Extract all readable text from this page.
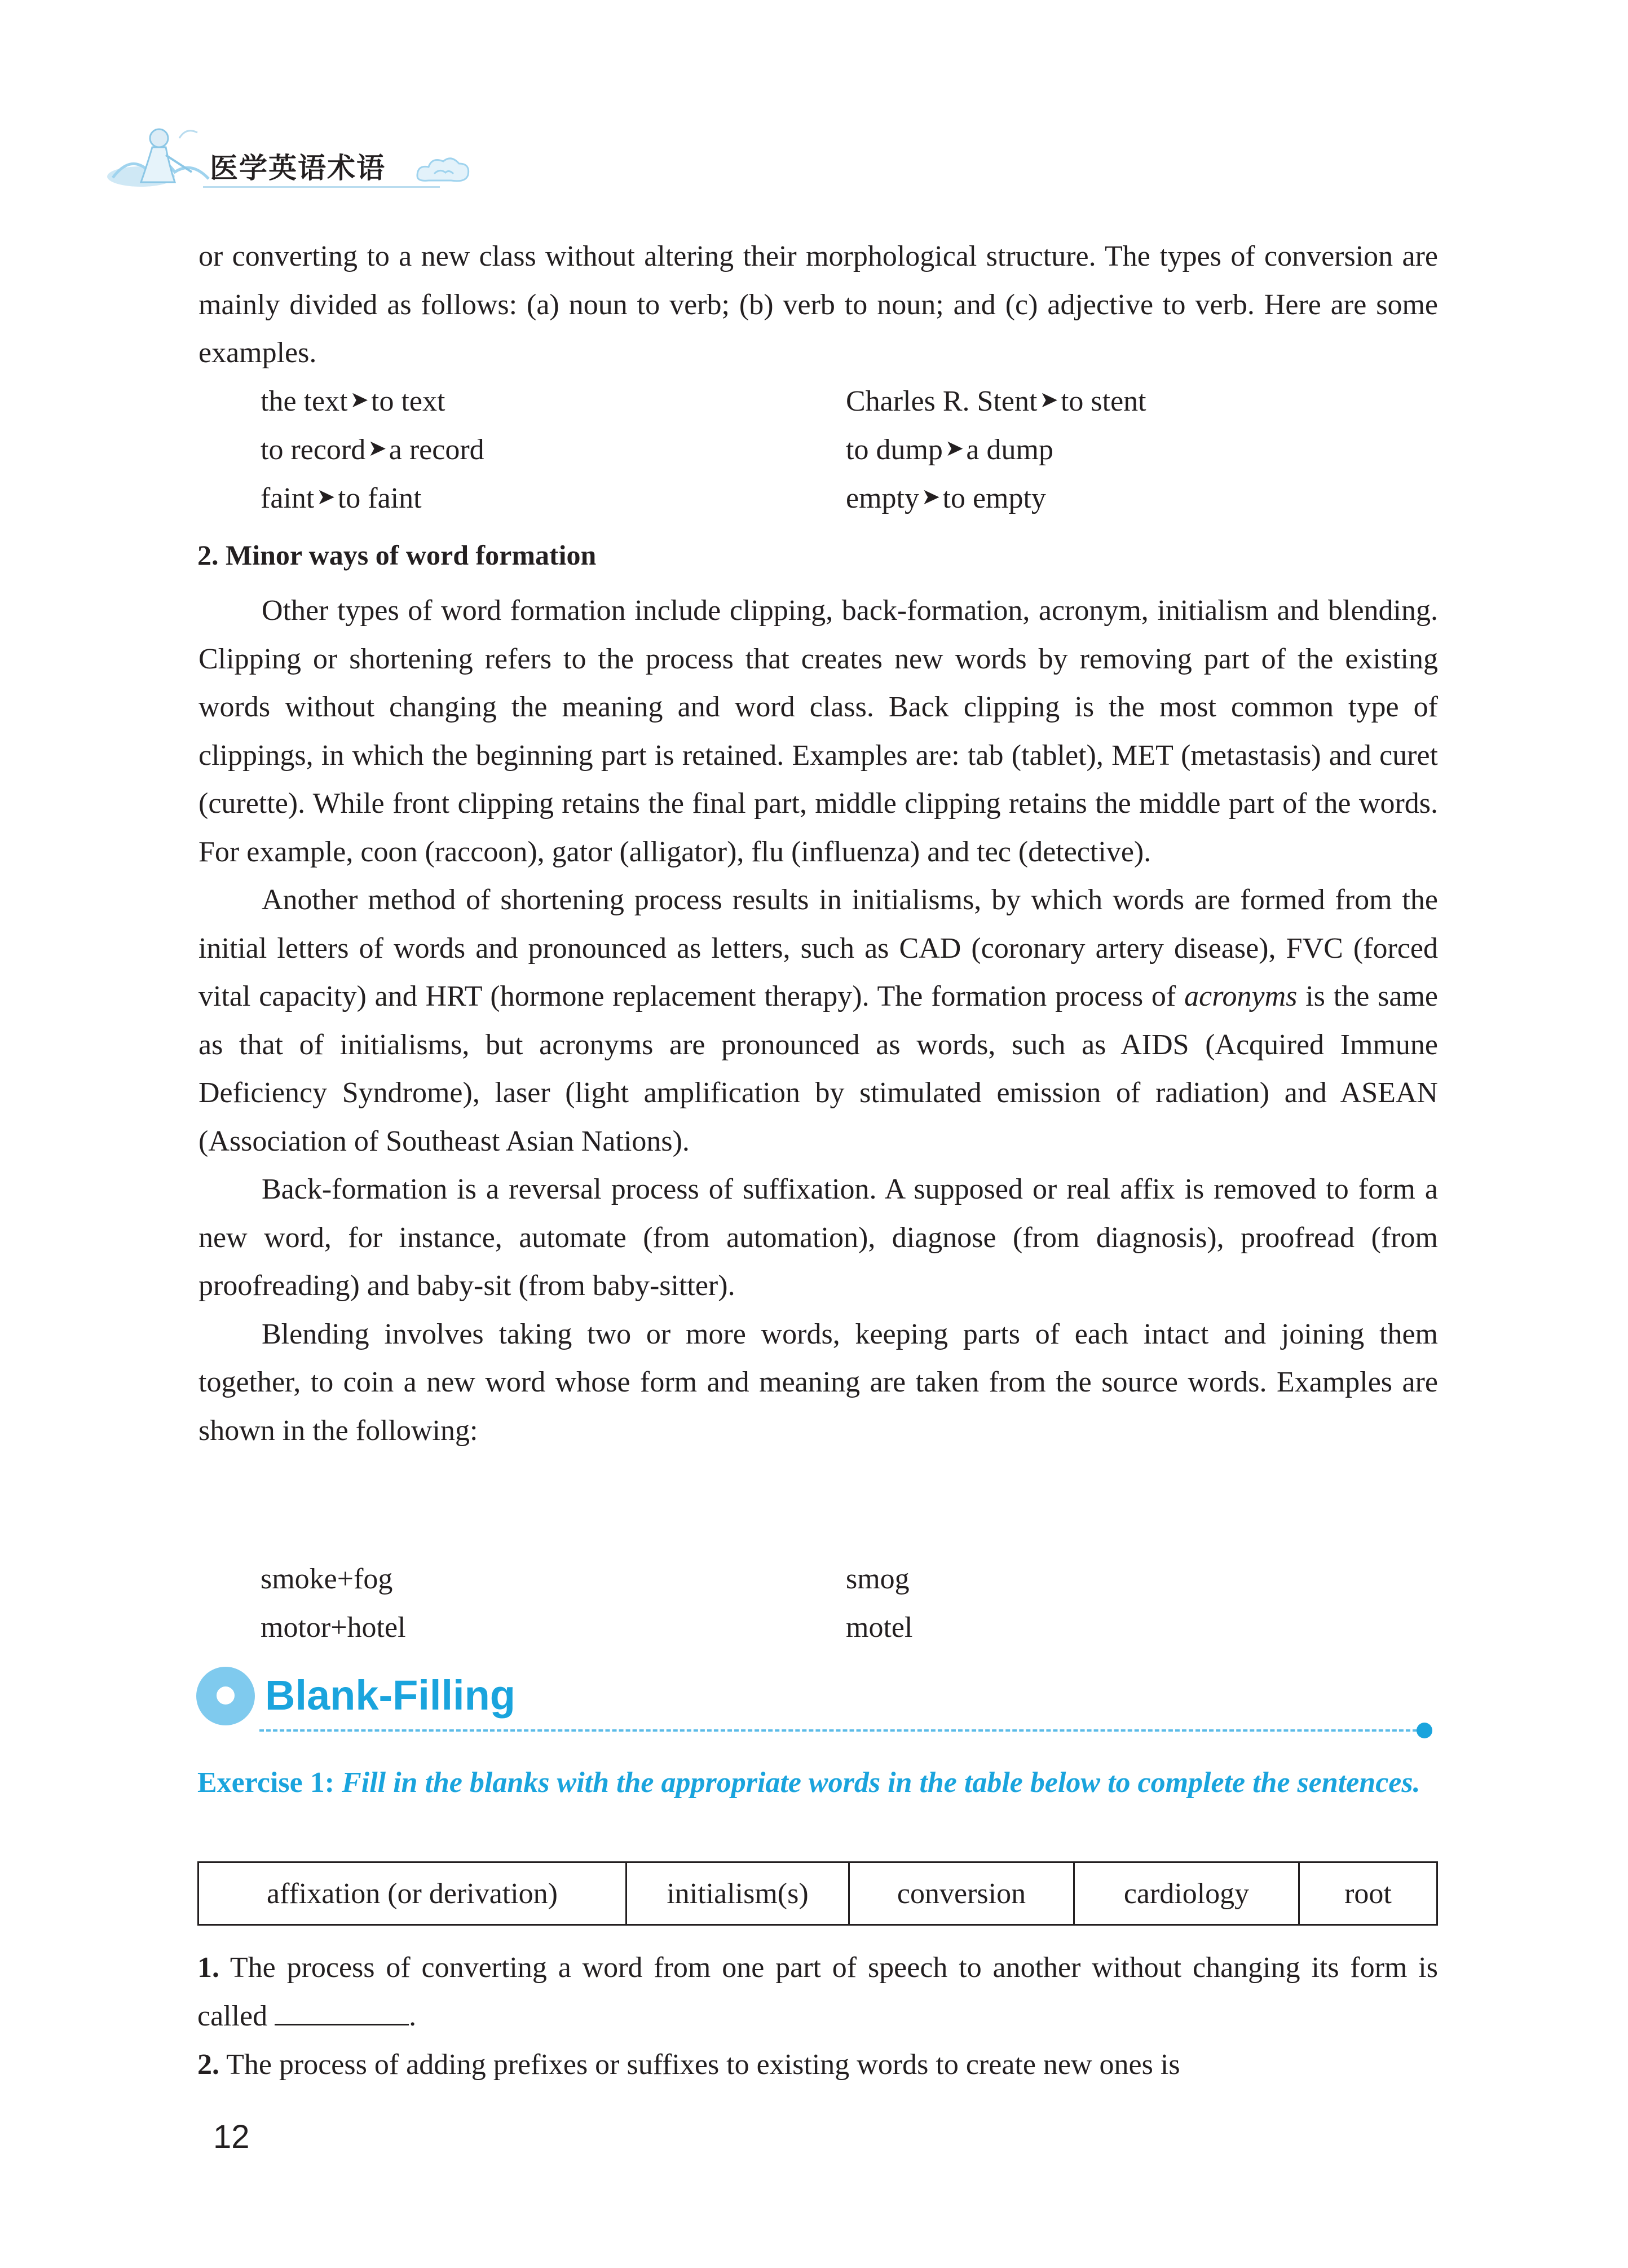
医学英语术语

or converting to a new class without altering their morphological structure. The types of conversion are mainly divided as follows: (a) noun to verb; (b) verb to noun; and (c) adjective to verb. Here are some examples.

the text ➤to text	Charles R. Stent ➤to stent
to record ➤a record	to dump ➤a dump
faint ➤to faint	empty ➤to empty
2. Minor ways of word formation

Other types of word formation include clipping, back-formation, acronym, initialism and blending. Clipping or shortening refers to the process that creates new words by removing part of the existing words without changing the meaning and word class. Back clipping is the most common type of clippings, in which the beginning part is retained. Examples are: tab (tablet), MET (metastasis) and curet (curette). While front clipping retains the final part, middle clipping retains the middle part of the words. For example, coon (raccoon), gator (alligator), flu (influenza) and tec (detective).

Another method of shortening process results in initialisms, by which words are formed from the initial letters of words and pronounced as letters, such as CAD (coronary artery disease), FVC (forced vital capacity) and HRT (hormone replacement therapy). The formation process of acronyms is the same as that of initialisms, but acronyms are pronounced as words, such as AIDS (Acquired Immune Deficiency Syndrome), laser (light amplification by stimulated emission of radiation) and ASEAN (Association of Southeast Asian Nations).

Back-formation is a reversal process of suffixation. A supposed or real affix is removed to form a new word, for instance, automate (from automation), diagnose (from diagnosis), proofread (from proofreading) and baby-sit (from baby-sitter).

Blending involves taking two or more words, keeping parts of each intact and joining them together, to coin a new word whose form and meaning are taken from the source words. Examples are shown in the following:

smoke+fog	smog
motor+hotel	motel
Blank-Filling
Exercise 1: Fill in the blanks with the appropriate words in the table below to complete the sentences.
affixation (or derivation)	initialism(s)	conversion	cardiology	root
1. The process of converting a word from one part of speech to another without changing its form is called	.
2. The process of adding prefixes or suffixes to existing words to create new ones is
12
